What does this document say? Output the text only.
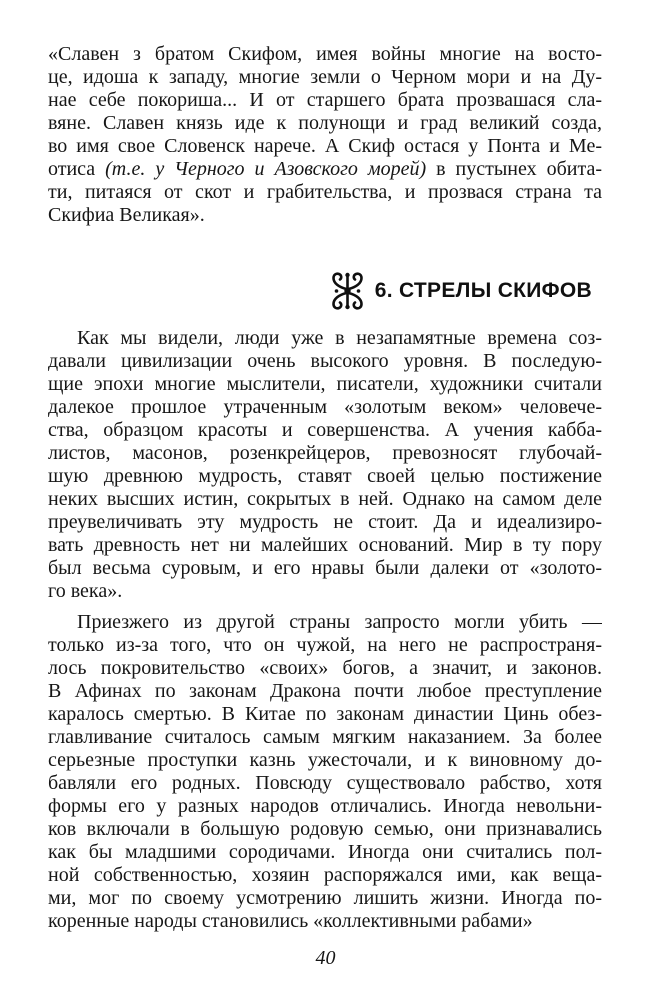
«Славен з братом Скифом, имея войны многие на восто-
це, идоша к западу, многие земли о Черном мори и на Ду-
нае себе покориша... И от старшего брата прозвашася сла-
вяне. Славен князь иде к полунощи и град великий созда,
во имя свое Словенск нарече. А Скиф остася у Понта и Ме-
отиса (т.е. у Черного и Азовского морей) в пустынех обита-
ти, питаяся от скот и грабительства, и прозвася страна та
Скифиа Великая».
6. СТРЕЛЫ СКИФОВ
Как мы видели, люди уже в незапамятные времена соз-
давали цивилизации очень высокого уровня. В последую-
щие эпохи многие мыслители, писатели, художники считали
далекое прошлое утраченным «золотым веком» человече-
ства, образцом красоты и совершенства. А учения кабба-
листов, масонов, розенкрейцеров, превозносят глубочай-
шую древнюю мудрость, ставят своей целью постижение
неких высших истин, сокрытых в ней. Однако на самом деле
преувеличивать эту мудрость не стоит. Да и идеализиро-
вать древность нет ни малейших оснований. Мир в ту пору
был весьма суровым, и его нравы были далеки от «золото-
го века».
Приезжего из другой страны запросто могли убить —
только из-за того, что он чужой, на него не распространя-
лось покровительство «своих» богов, а значит, и законов.
В Афинах по законам Дракона почти любое преступление
каралось смертью. В Китае по законам династии Цинь обез-
главливание считалось самым мягким наказанием. За более
серьезные проступки казнь ужесточали, и к виновному до-
бавляли его родных. Повсюду существовало рабство, хотя
формы его у разных народов отличались. Иногда невольни-
ков включали в большую родовую семью, они признавались
как бы младшими сородичами. Иногда они считались пол-
ной собственностью, хозяин распоряжался ими, как веща-
ми, мог по своему усмотрению лишить жизни. Иногда по-
коренные народы становились «коллективными рабами»
40
